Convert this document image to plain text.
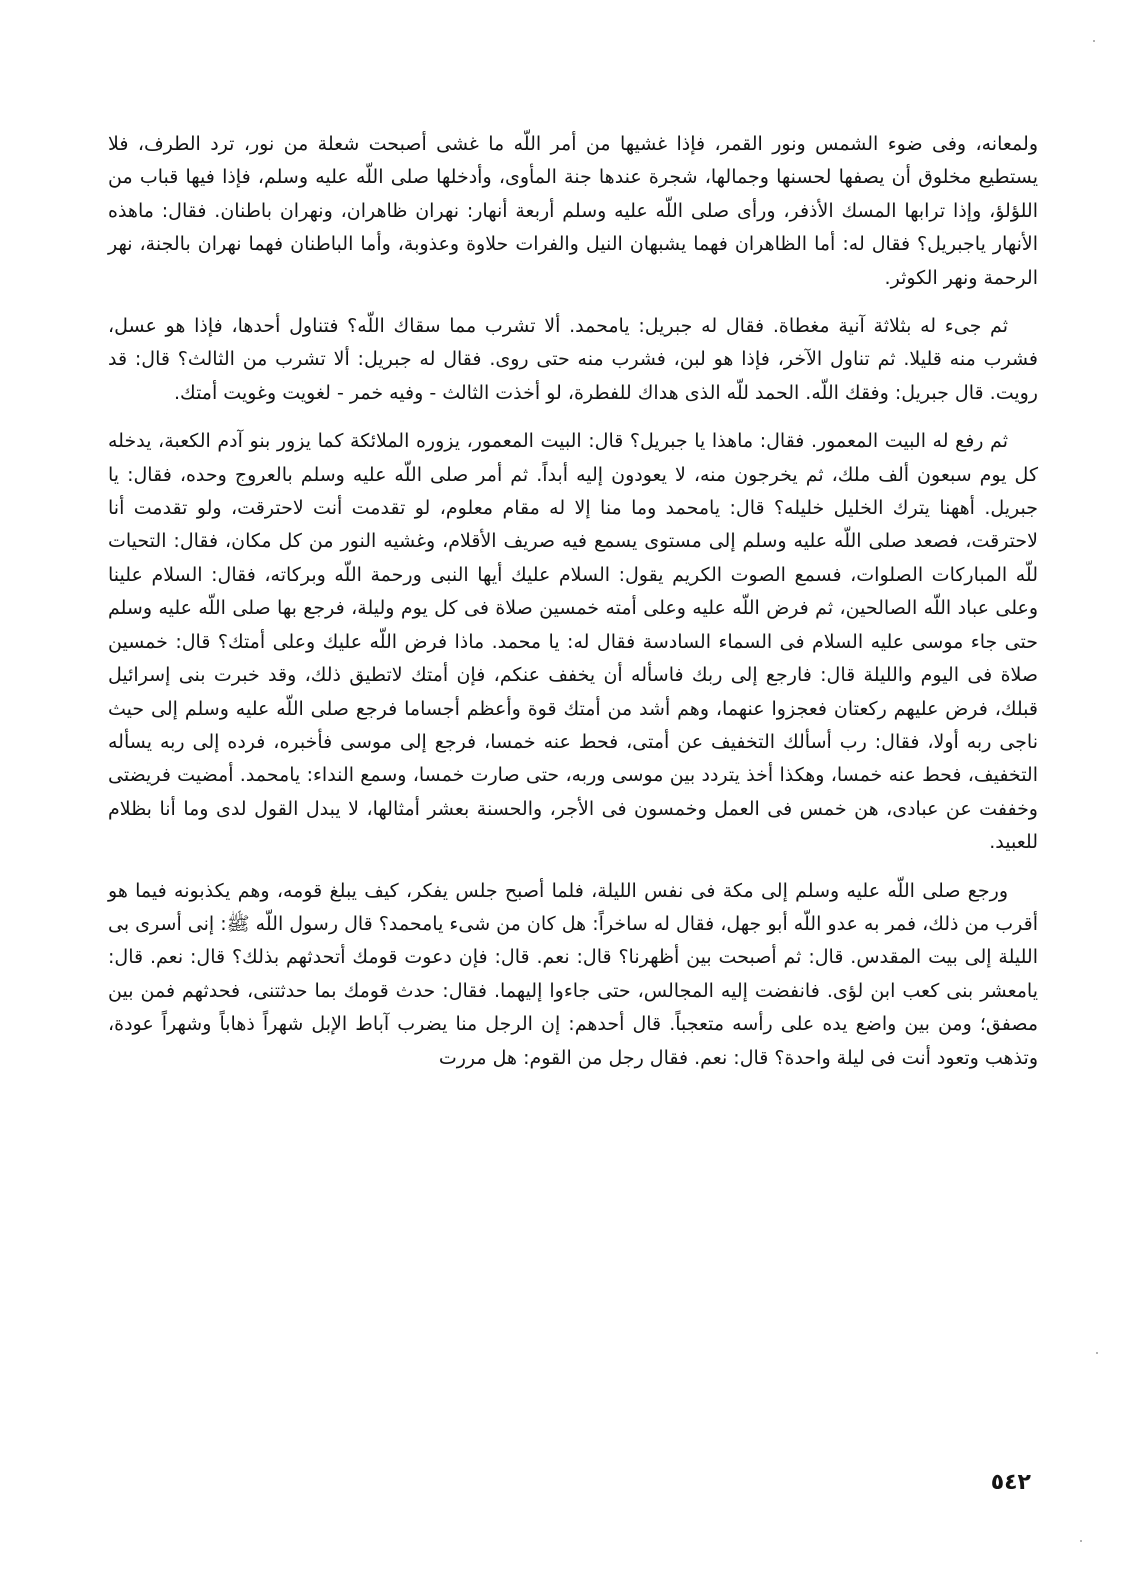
ولمعانه، وفى ضوء الشمس ونور القمر، فإذا غشيها من أمر اللّه ما غشى أصبحت شعلة من نور، ترد الطرف، فلا يستطيع مخلوق أن يصفها لحسنها وجمالها، شجرة عندها جنة المأوى، وأدخلها صلى اللّه عليه وسلم، فإذا فيها قباب من اللؤلؤ، وإذا ترابها المسك الأذفر، ورأى صلى اللّه عليه وسلم أربعة أنهار: نهران ظاهران، ونهران باطنان. فقال: ماهذه الأنهار ياجبريل؟ فقال له: أما الظاهران فهما يشبهان النيل والفرات حلاوة وعذوبة، وأما الباطنان فهما نهران بالجنة، نهر الرحمة ونهر الكوثر.

ثم جىء له بثلاثة آنية مغطاة. فقال له جبريل: يامحمد. ألا تشرب مما سقاك اللّه؟ فتناول أحدها، فإذا هو عسل، فشرب منه قليلا. ثم تناول الآخر، فإذا هو لبن، فشرب منه حتى روى. فقال له جبريل: ألا تشرب من الثالث؟ قال: قد رويت. قال جبريل: وفقك اللّه. الحمد للّه الذى هداك للفطرة، لو أخذت الثالث - وفيه خمر - لغويت وغويت أمتك.

ثم رفع له البيت المعمور. فقال: ماهذا يا جبريل؟ قال: البيت المعمور، يزوره الملائكة كما يزور بنو آدم الكعبة، يدخله كل يوم سبعون ألف ملك، ثم يخرجون منه، لا يعودون إليه أبداً. ثم أمر صلى اللّه عليه وسلم بالعروج وحده، فقال: يا جبريل. أههنا يترك الخليل خليله؟ قال: يامحمد وما منا إلا له مقام معلوم، لو تقدمت أنت لاحترقت، ولو تقدمت أنا لاحترقت، فصعد صلى اللّه عليه وسلم إلى مستوى يسمع فيه صريف الأقلام، وغشيه النور من كل مكان، فقال: التحيات للّه المباركات الصلوات، فسمع الصوت الكريم يقول: السلام عليك أيها النبى ورحمة اللّه وبركاته، فقال: السلام علينا وعلى عباد اللّه الصالحين، ثم فرض اللّه عليه وعلى أمته خمسين صلاة فى كل يوم وليلة، فرجع بها صلى اللّه عليه وسلم حتى جاء موسى عليه السلام فى السماء السادسة فقال له: يا محمد. ماذا فرض اللّه عليك وعلى أمتك؟ قال: خمسين صلاة فى اليوم والليلة قال: فارجع إلى ربك فاسأله أن يخفف عنكم، فإن أمتك لاتطيق ذلك، وقد خبرت بنى إسرائيل قبلك، فرض عليهم ركعتان فعجزوا عنهما، وهم أشد من أمتك قوة وأعظم أجساما فرجع صلى اللّه عليه وسلم إلى حيث ناجى ربه أولا، فقال: رب أسألك التخفيف عن أمتى، فحط عنه خمسا، فرجع إلى موسى فأخبره، فرده إلى ربه يسأله التخفيف، فحط عنه خمسا، وهكذا أخذ يتردد بين موسى وربه، حتى صارت خمسا، وسمع النداء: يامحمد. أمضيت فريضتى وخففت عن عبادى، هن خمس فى العمل وخمسون فى الأجر، والحسنة بعشر أمثالها، لا يبدل القول لدى وما أنا بظلام للعبيد.

ورجع صلى اللّه عليه وسلم إلى مكة فى نفس الليلة، فلما أصبح جلس يفكر، كيف يبلغ قومه، وهم يكذبونه فيما هو أقرب من ذلك، فمر به عدو اللّه أبو جهل، فقال له ساخراً: هل كان من شىء يامحمد؟ قال رسول اللّه ﷺ: إنى أسرى بى الليلة إلى بيت المقدس. قال: ثم أصبحت بين أظهرنا؟ قال: نعم. قال: فإن دعوت قومك أتحدثهم بذلك؟ قال: نعم. قال: يامعشر بنى كعب ابن لؤى. فانفضت إليه المجالس، حتى جاءوا إليهما. فقال: حدث قومك بما حدثتنى، فحدثهم فمن بين مصفق؛ ومن بين واضع يده على رأسه متعجباً. قال أحدهم: إن الرجل منا يضرب آباط الإبل شهراً ذهاباً وشهراً عودة، وتذهب وتعود أنت فى ليلة واحدة؟ قال: نعم. فقال رجل من القوم: هل مررت

٥٤٢
